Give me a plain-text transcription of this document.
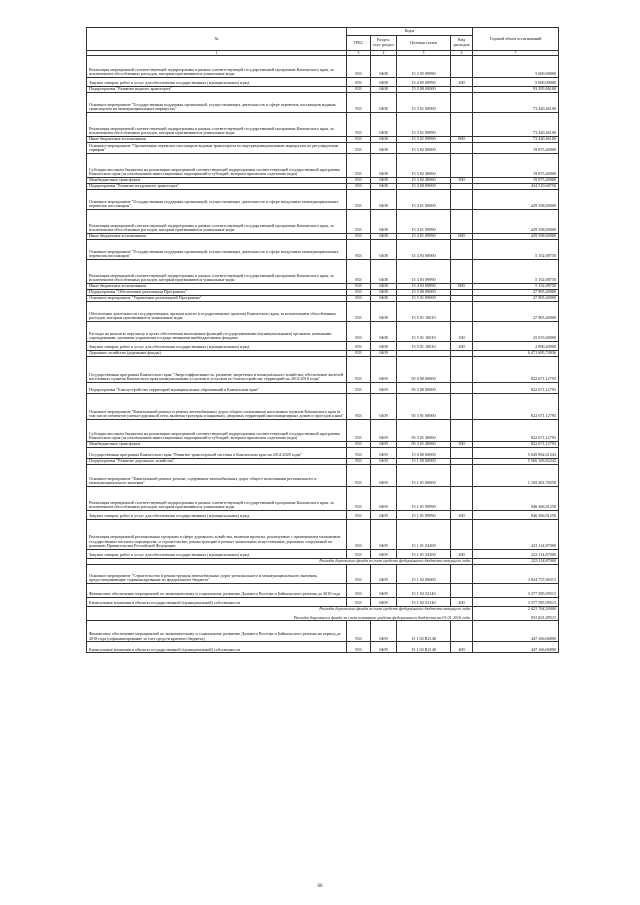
№	Коды				Годовой объем ассигнований
	ГРБС	Раздел, под- раздел	Целевая статья	Вид расходов	
1	3	4	5	6	7
Реализация мероприятий соответствующей подпрограммы в рамках соответствующей государственной программы Камчатского края, за исключением обособленных расходов, которым присваиваются уникальные коды	833	0408	15 2 05 09990		5 600,00000
Закупка товаров, работ и услуг для обеспечения государственных (муниципальных) нужд	833	0408	15 2 05 09990	200	5 600,00000
Подпрограмма "Развитие водного транспорта"	833	0408	15 3 00 00000		93 295,86100
Основное мероприятие "Государственная поддержка организаций, осуществляющих деятельность в сфере перевозок пассажиров водным транспортом на межмуниципальных маршрутах"	833	0408	15 3 01 00000		73 420,46100
Реализация мероприятий соответствующей подпрограммы в рамках соответствующей государственной программы Камчатского края, за исключением обособленных расходов, которым присваиваются уникальные коды	833	0408	15 3 01 09990		73 420,46100
Иные бюджетные ассигнования	833	0408	15 3 01 09990	800	73 420,46100
Основное мероприятие "Организация перевозок пассажиров водным транспортом по внутримуниципальным маршрутам по регулируемым тарифам"	833	0408	15 3 02 00000		19 875,40000
Субсидии местным бюджетам на реализацию мероприятий соответствующей подпрограммы соответствующей государственной программы Камчатского края (за исключением инвестиционных мероприятий и субсидий, которым присвоены отдельные коды)	833	0408	15 3 02 40060		19 875,40000
Межбюджетные трансферты	833	0408	15 3 02 40060	500	19 875,40000
Подпрограмма "Развитие воздушного транспорта"	833	0408	15 4 00 00000		434 510,68750
Основное мероприятие "Государственная поддержка организаций, осуществляющих деятельность в сфере воздушных межмуниципальных перевозок пассажиров"	833	0408	15 4 01 00000		429 358,60000
Реализация мероприятий соответствующей подпрограммы в рамках соответствующей государственной программы Камчатского края, за исключением обособленных расходов, которым присваиваются уникальные коды	833	0408	15 4 01 09990		429 358,60000
Иные бюджетные ассигнования	833	0408	15 4 01 09990	800	429 358,60000
Основное мероприятие "Государственная поддержка организаций, осуществляющих деятельность в сфере воздушных межмуниципальных перевозок пассажиров"	833	0408	15 4 03 00000		5 152,08750
Реализация мероприятий соответствующей подпрограммы в рамках соответствующей государственной программы Камчатского края, за исключением обособленных расходов, которым присваиваются уникальные коды	833	0408	15 4 03 09990		5 152,08750
Иные бюджетные ассигнования	833	0408	15 4 03 09990	800	5 152,08750
Подпрограмма "Обеспечение реализации Программы"	833	0408	15 5 00 00000		27 905,40000
Основное мероприятие "Управление реализацией Программы"	833	0408	15 5 01 00000		27 905,40000
Обеспечение деятельности государственных органов власти (государственных органов) Камчатского края, за исключением обособленных расходов, которым присваиваются уникальные коды	833	0408	15 5 01 10010		27 905,40000
Расходы на выплаты персоналу в целях обеспечения выполнения функций государственными (муниципальными) органами, казенными учреждениями, органами управления государственными внебюджетными фондами	833	0408	15 5 01 10010	100	25 015,00000
Закупка товаров, работ и услуг для обеспечения государственных (муниципальных) нужд	833	0408	15 5 01 10010	200	2 890,40000
Дорожное хозяйство (дорожные фонды)	833	0409			6 471 695,74036
Государственная программа Камчатского края "Энергоэффективность, развитие энергетики и коммунального хозяйства, обеспечение жителей населенных пунктов Камчатского края коммунальными услугами и услугами по благоустройству территорий на 2014-2018 годы"	833	0409	05 0 00 00000		822 671,12793
Подпрограмма "Благоустройство территорий муниципальных образований в Камчатском крае"	833	0409	05 3 00 00000		822 671,12793
Основное мероприятие "Капитальный ремонт и ремонт автомобильных дорог общего пользования населенных пунктов Камчатского края (в том числе элементов улично-дорожной сети, включая тротуары и парковки), дворовых территорий многоквартирных домов и проездов к ним"	833	0409	05 3 01 00000		822 671,12793
Субсидии местным бюджетам на реализацию мероприятий соответствующей подпрограммы соответствующей государственной программы Камчатского края (за исключением инвестиционных мероприятий и субсидий, которым присвоены отдельные коды)	833	0409	05 3 01 40060		822 671,12793
Межбюджетные трансферты	833	0409	05 3 01 40060	500	822 671,12793
Государственная программа Камчатского края "Развитие транспортной системы в Камчатском крае на 2014-2020 годы"	833	0409	15 0 00 00000		5 649 962,61243
Подпрограмма "Развитие дорожного хозяйства"	833	0409	15 1 00 00000		5 566 106,82243
Основное мероприятие "Капитальный ремонт, ремонт, содержание автомобильных дорог общего пользования регионального и межмуниципального значения"	833	0409	15 1 01 00000		1 169 481,78250
Реализация мероприятий соответствующей подпрограммы в рамках соответствующей государственной программы Камчатского края, за исключением обособленных расходов, которым присваиваются уникальные коды	833	0409	15 1 01 09990		946 366,91250
Закупка товаров, работ и услуг для обеспечения государственных (муниципальных) нужд	833	0409	15 1 01 09990	200	946 366,91250
Реализация мероприятий региональных программ в сфере дорожного хозяйства, включая проекты, реализуемые с применением механизмов государственно-частного партнерства, и строительство, реконструкцию и ремонт уникальных искусственных дорожных сооружений по решению Правительства Российской Федерации	833	0409	15 1 01 54200		223 114,87000
Закупка товаров, работ и услуг для обеспечения государственных (муниципальных) нужд	833	0409	15 1 01 54200	200	223 114,87000
Расходы дорожного фонда за счет средств федерального бюджета текущего года					223 114,87000
Основное мероприятие "Строительство и реконструкция автомобильных дорог регионального и межмуниципального значения, предусматривающие софинансирование из федерального бюджета"	833	0409	15 1 02 00000		3 824 757,06313
Финансовое обеспечение мероприятий по экономическому и социальному развитию Дальнего Востока и Байкальского региона до 2018 года	833	0409	15 1 02 52140		3 377 585,99513
Капитальные вложения в объекты государственной (муниципальной) собственности	833	0409	15 1 02 52140	400	3 377 585,99513
Расходы дорожного фонда за счет средств федерального бюджета текущего года					2 423 764,50000
Расходы дорожного фонда за счет остатков средств федерального бюджета на 01.01.2016 года					953 821,49513
Финансовое обеспечение мероприятий по экономическому и социальному развитию Дальнего Востока и Байкальского региона на период до 2018 года (софинансирование за счет средств краевого бюджета)	833	0409	15 1 02 R2140		447 166,06800
Капитальные вложения в объекты государственной (муниципальной) собственности	833	0409	15 1 02 R2140	400	447 166,06800
66
